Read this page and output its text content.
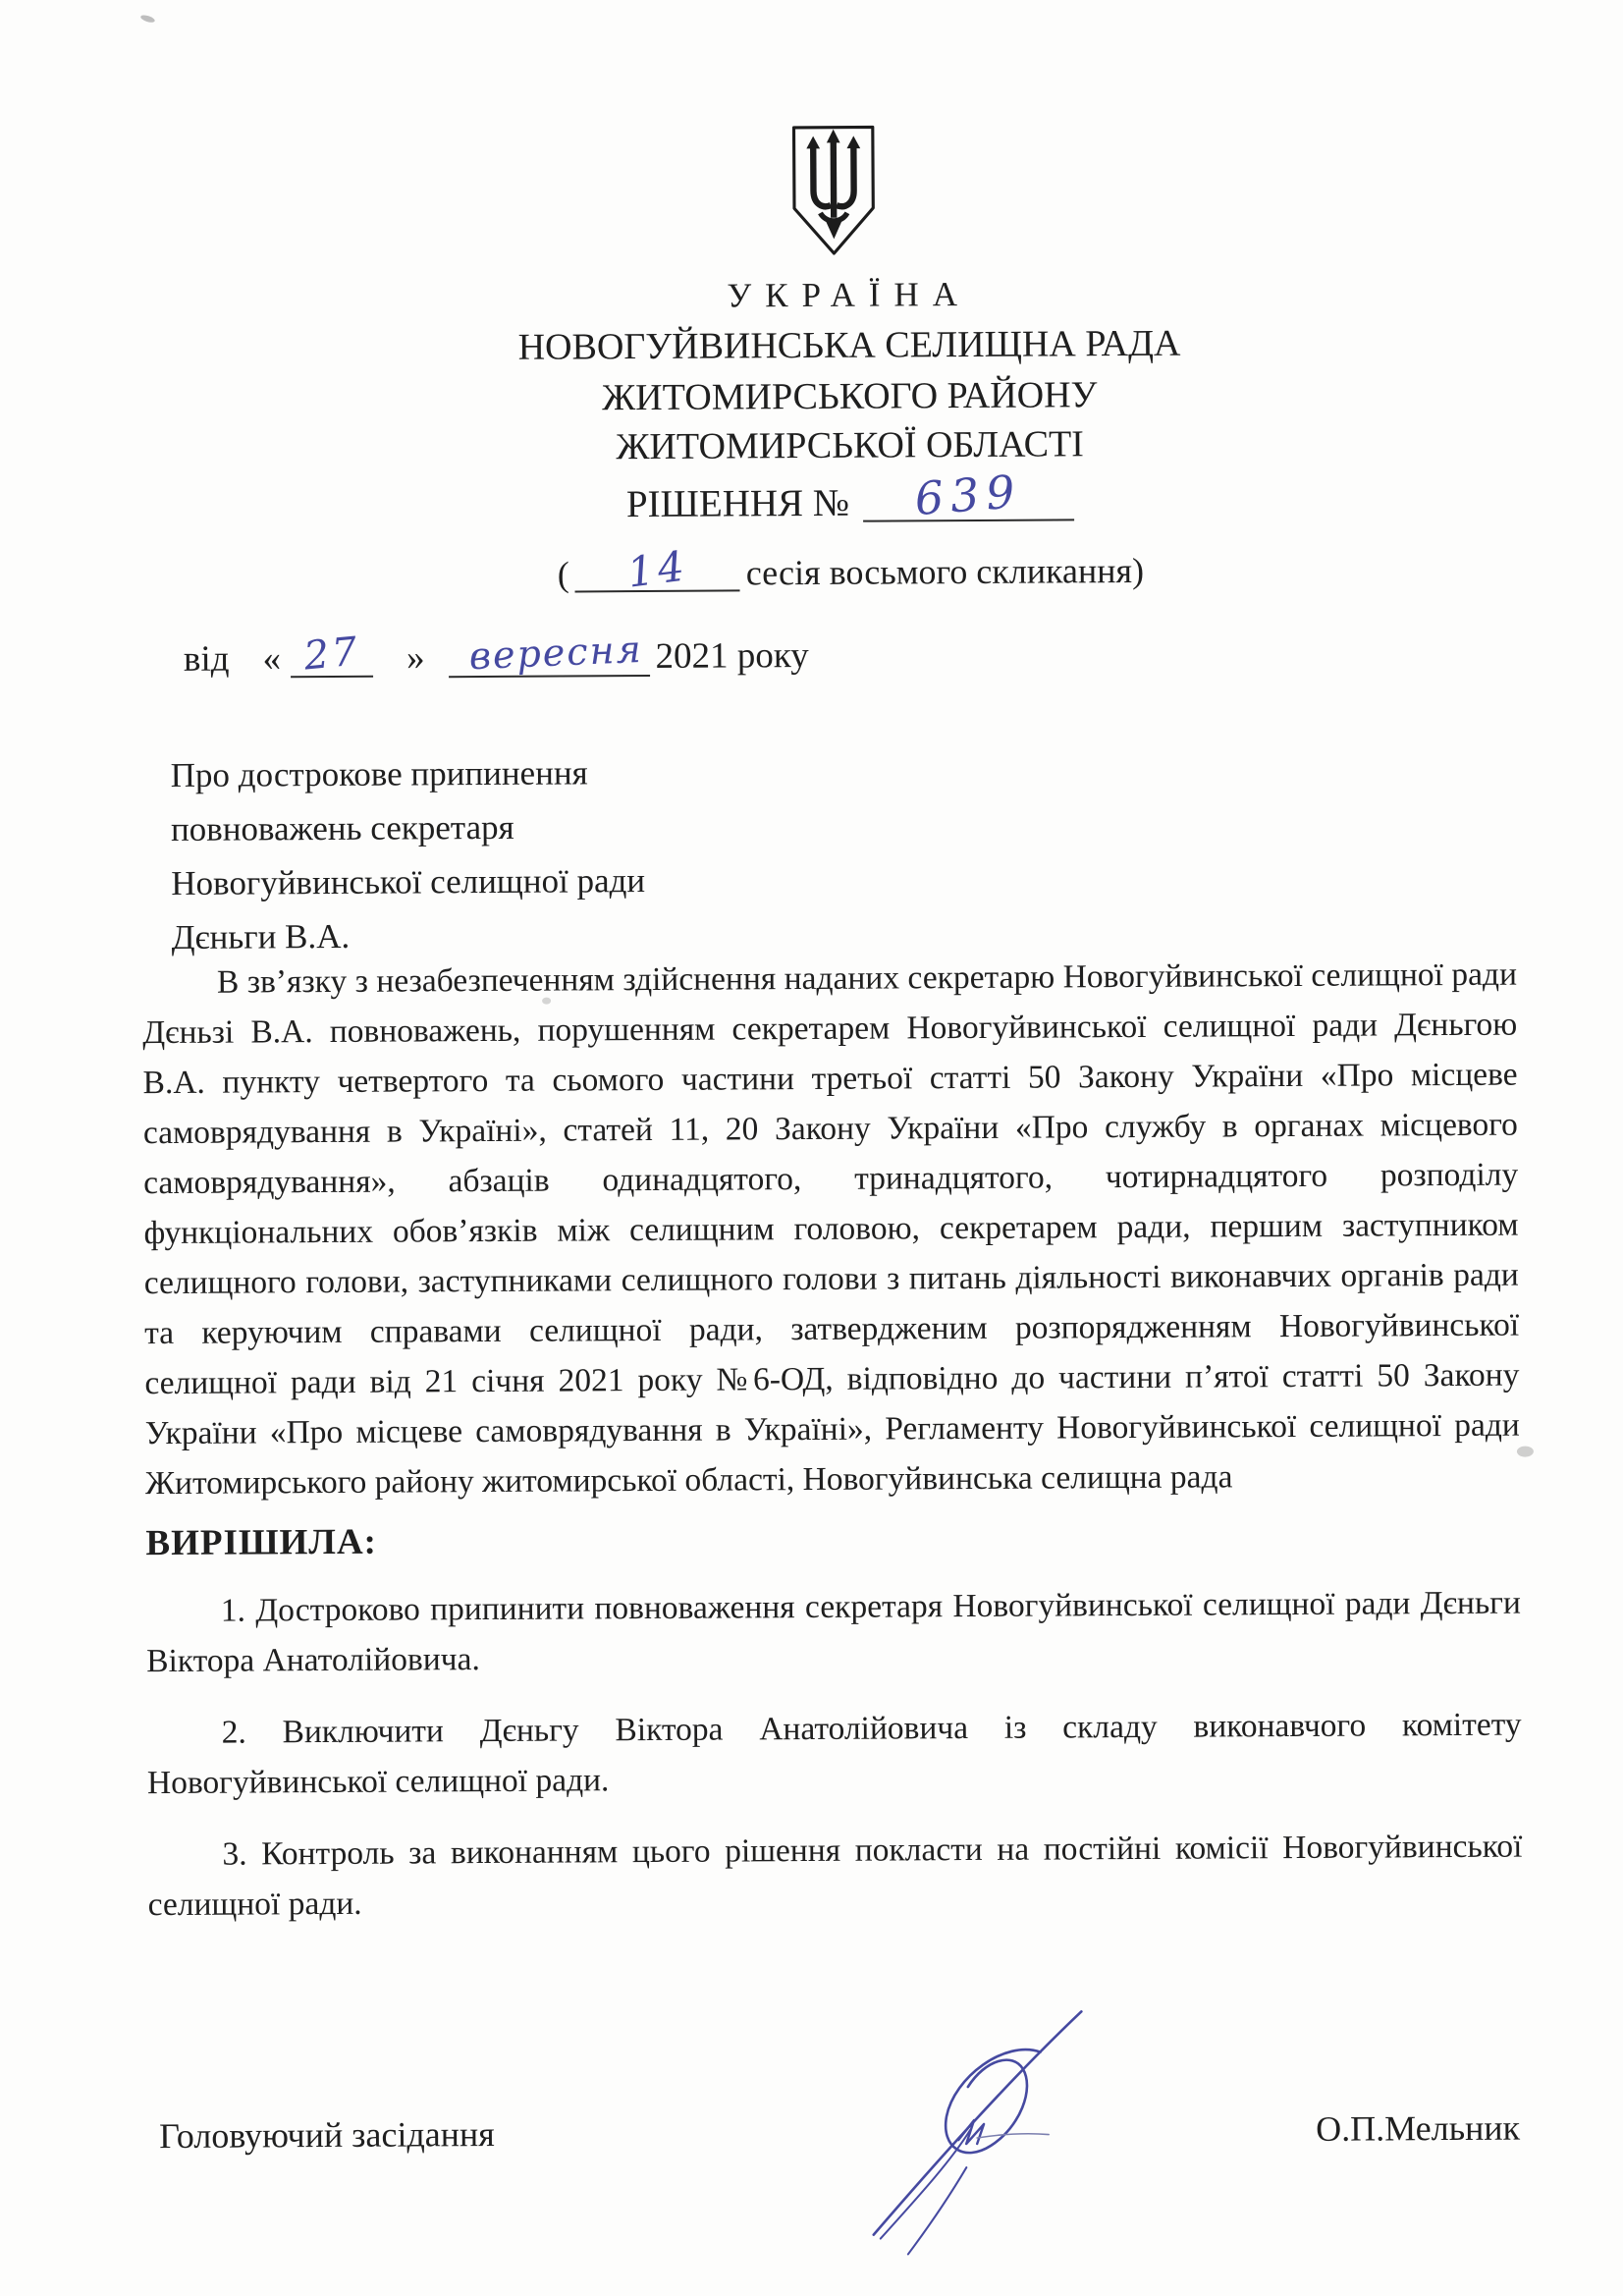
УКРАЇНА
НОВОГУЙВИНСЬКА СЕЛИЩНА РАДА
ЖИТОМИРСЬКОГО РАЙОНУ
ЖИТОМИРСЬКОЇ ОБЛАСТІ
РІШЕННЯ № 639
( 14 сесія восьмого скликання)
від « 27 » вересня 2021 року
Про дострокове припинення
повноважень секретаря
Новогуйвинської селищної ради
Дєньги В.А.

В зв’язку з незабезпеченням здійснення наданих секретарю Новогуйвинської селищної ради Дєньзі В.А. повноважень, порушенням секретарем Новогуйвинської селищної ради Дєньгою В.А. пункту четвертого та сьомого частини третьої статті 50 Закону України «Про місцеве самоврядування в Україні», статей 11, 20 Закону України «Про службу в органах місцевого самоврядування», абзаців одинадцятого, тринадцятого, чотирнадцятого розподілу функціональних обов’язків між селищним головою, секретарем ради, першим заступником селищного голови, заступниками селищного голови з питань діяльності виконавчих органів ради та керуючим справами селищної ради, затвердженим розпорядженням Новогуйвинської селищної ради від 21 січня 2021 року №6-ОД, відповідно до частини п’ятої статті 50 Закону України «Про місцеве самоврядування в Україні», Регламенту Новогуйвинської селищної ради Житомирського району житомирської області, Новогуйвинська селищна рада

ВИРІШИЛА:

1. Достроково припинити повноваження секретаря Новогуйвинської селищної ради Дєньги Віктора Анатолійовича.

2. Виключити Дєньгу Віктора Анатолійовича із складу виконавчого комітету Новогуйвинської селищної ради.

3. Контроль за виконанням цього рішення покласти на постійні комісії Новогуйвинської селищної ради.

Головуючий засідання	О.П.Мельник
